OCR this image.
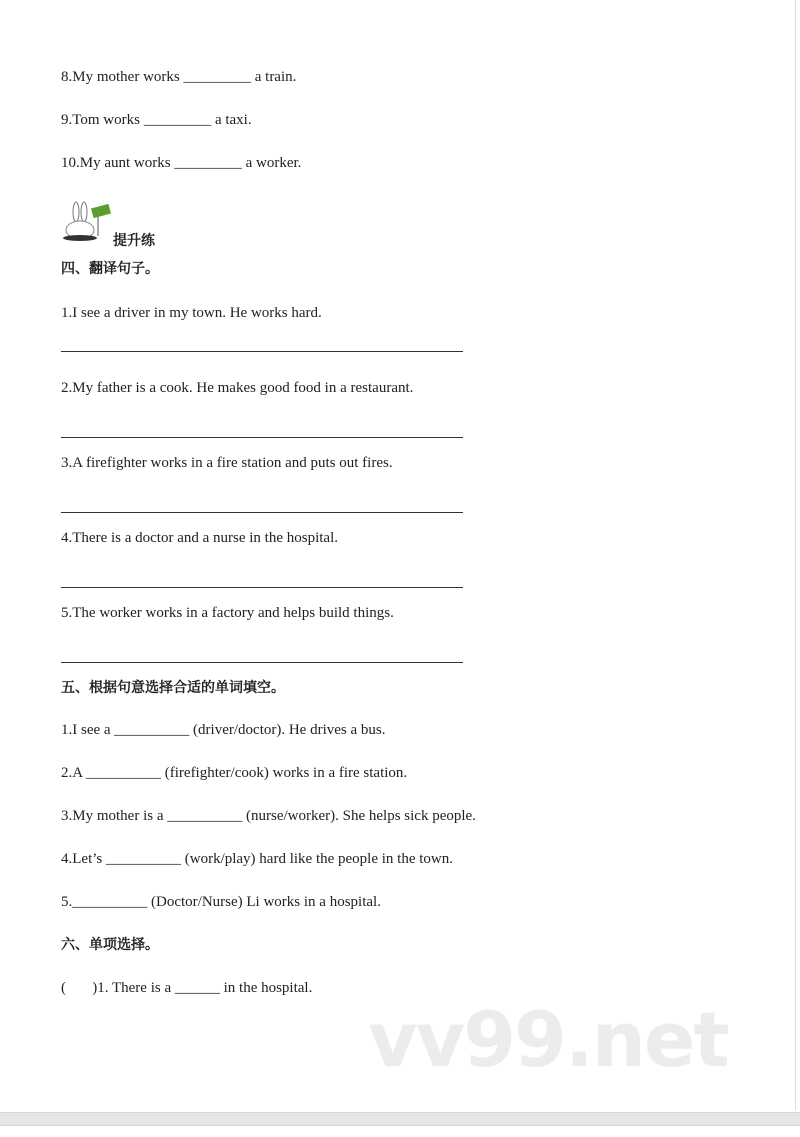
8.My mother works _________ a train.
9.Tom works _________ a taxi.
10.My aunt works _________ a worker.
提升练
四、翻译句子。
1.I see a driver in my town. He works hard.
2.My father is a cook. He makes good food in a restaurant.
3.A firefighter works in a fire station and puts out fires.
4.There is a doctor and a nurse in the hospital.
5.The worker works in a factory and helps build things.
五、根据句意选择合适的单词填空。
1.I see a __________ (driver/doctor). He drives a bus.
2.A __________ (firefighter/cook) works in a fire station.
3.My mother is a __________ (nurse/worker). She helps sick people.
4.Let’s __________ (work/play) hard like the people in the town.
5.__________ (Doctor/Nurse) Li works in a hospital.
六、单项选择。
(       )1. There is a ______ in the hospital.
vv99.net
